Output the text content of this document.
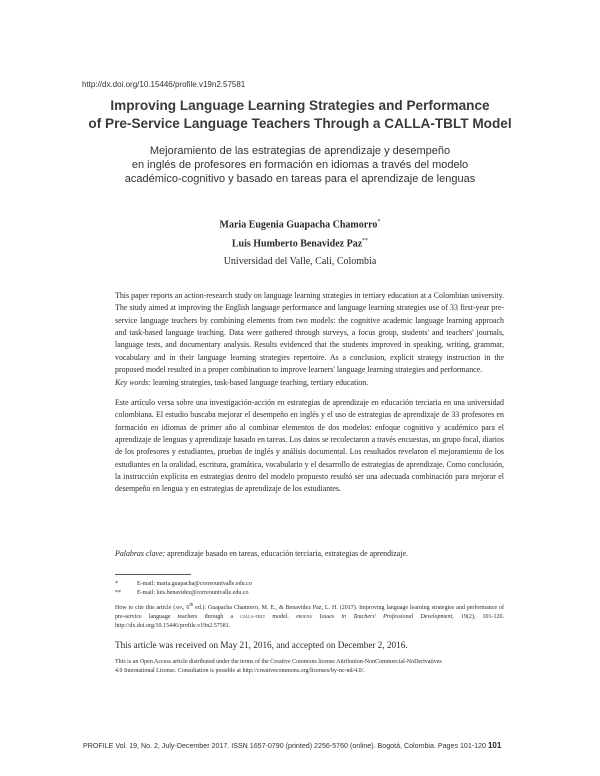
http://dx.doi.org/10.15446/profile.v19n2.57581
Improving Language Learning Strategies and Performance
of Pre-Service Language Teachers Through a CALLA-TBLT Model
Mejoramiento de las estrategias de aprendizaje y desempeño
en inglés de profesores en formación en idiomas a través del modelo
académico-cognitivo y basado en tareas para el aprendizaje de lenguas
Maria Eugenia Guapacha Chamorro*
Luis Humberto Benavidez Paz**
Universidad del Valle, Cali, Colombia
This paper reports an action-research study on language learning strategies in tertiary education at a Colombian university. The study aimed at improving the English language performance and language learning strategies use of 33 first-year pre-service language teachers by combining elements from two models: the cognitive academic language learning approach and task-based language teaching. Data were gathered through surveys, a focus group, students' and teachers' journals, language tests, and documentary analysis. Results evidenced that the students improved in speaking, writing, grammar, vocabulary and in their language learning strategies repertoire. As a conclusion, explicit strategy instruction in the proposed model resulted in a proper combination to improve learners' language learning strategies and performance.
Key words: learning strategies, task-based language teaching, tertiary education.
Este artículo versa sobre una investigación-acción en estrategias de aprendizaje en educación terciaria en una universidad colombiana. El estudio buscaba mejorar el desempeño en inglés y el uso de estrategias de aprendizaje de 33 profesores en formación en idiomas de primer año al combinar elementos de dos modelos: enfoque cognitivo y académico para el aprendizaje de lenguas y aprendizaje basado en tareas. Los datos se recolectaron a través encuestas, un grupo focal, diarios de los profesores y estudiantes, pruebas de inglés y análisis documental. Los resultados revelaron el mejoramiento de los estudiantes en la oralidad, escritura, gramática, vocabulario y el desarrollo de estrategias de aprendizaje. Como conclusión, la instrucción explícita en estrategias dentro del modelo propuesto resultó ser una adecuada combinación para mejorar el desempeño en lengua y en estrategias de aprendizaje de los estudiantes.
Palabras clave: aprendizaje basado en tareas, educación terciaria, estrategias de aprendizaje.
*	E-mail: maria.guapacha@correounivalle.edu.co
**	E-mail: luis.benavidez@correounivalle.edu.co
How to cite this article (apa, 6th ed.): Guapacha Chamorro, M. E., & Benavidez Paz, L. H. (2017). Improving language learning strategies and performance of pre-service language teachers through a calla-tblt model. profile Issues in Teachers' Professional Development, 19(2), 101-120. http://dx.doi.org/10.15446/profile.v19n2.57581.
This article was received on May 21, 2016, and accepted on December 2, 2016.
This is an Open Access article distributed under the terms of the Creative Commons license Attribution-NonCommercial-NoDerivatives
4.0 International License. Consultation is possible at http://creativecommons.org/licenses/by-nc-nd/4.0/.
PROFILE Vol. 19, No. 2, July-December 2017. ISSN 1657-0790 (printed) 2256-5760 (online). Bogotá, Colombia. Pages 101-120 101
